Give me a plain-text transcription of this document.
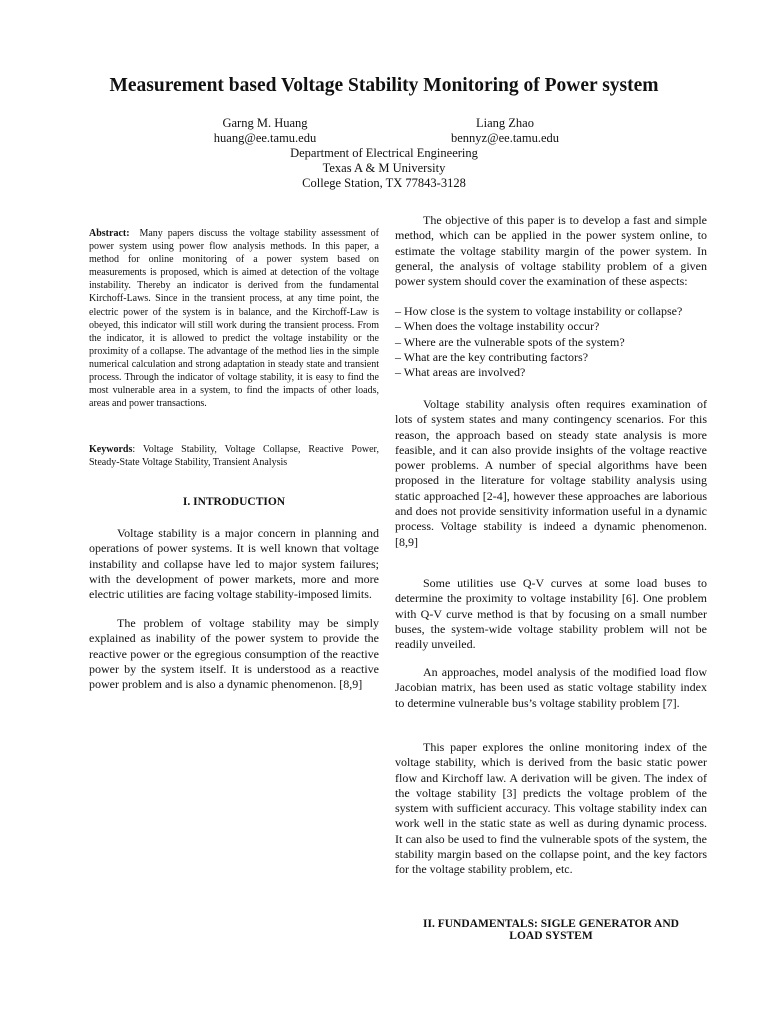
Measurement based Voltage Stability Monitoring of Power system
Garng M. Huang
huang@ee.tamu.edu
Liang Zhao
bennyz@ee.tamu.edu
Department of Electrical Engineering
Texas A & M University
College Station, TX 77843-3128

Abstract: Many papers discuss the voltage stability assessment of power system using power flow analysis methods. In this paper, a method for online monitoring of a power system based on measurements is proposed, which is aimed at detection of the voltage instability. Thereby an indicator is derived from the fundamental Kirchoff-Laws. Since in the transient process, at any time point, the electric power of the system is in balance, and the Kirchoff-Law is obeyed, this indicator will still work during the transient process. From the indicator, it is allowed to predict the voltage instability or the proximity of a collapse. The advantage of the method lies in the simple numerical calculation and strong adaptation in steady state and transient process. Through the indicator of voltage stability, it is easy to find the most vulnerable area in a system, to find the impacts of other loads, areas and power transactions.

Keywords: Voltage Stability, Voltage Collapse, Reactive Power, Steady-State Voltage Stability, Transient Analysis

I. INTRODUCTION

Voltage stability is a major concern in planning and operations of power systems. It is well known that voltage instability and collapse have led to major system failures; with the development of power markets, more and more electric utilities are facing voltage stability-imposed limits.

The problem of voltage stability may be simply explained as inability of the power system to provide the reactive power or the egregious consumption of the reactive power by the system itself. It is understood as a reactive power problem and is also a dynamic phenomenon. [8,9]

The objective of this paper is to develop a fast and simple method, which can be applied in the power system online, to estimate the voltage stability margin of the power system. In general, the analysis of voltage stability problem of a given power system should cover the examination of these aspects:

– How close is the system to voltage instability or collapse?
– When does the voltage instability occur?
– Where are the vulnerable spots of the system?
– What are the key contributing factors?
– What areas are involved?

Voltage stability analysis often requires examination of lots of system states and many contingency scenarios. For this reason, the approach based on steady state analysis is more feasible, and it can also provide insights of the voltage reactive power problems. A number of special algorithms have been proposed in the literature for voltage stability analysis using static approached [2-4], however these approaches are laborious and does not provide sensitivity information useful in a dynamic process. Voltage stability is indeed a dynamic phenomenon. [8,9]

Some utilities use Q-V curves at some load buses to determine the proximity to voltage instability [6]. One problem with Q-V curve method is that by focusing on a small number buses, the system-wide voltage stability problem will not be readily unveiled.

An approaches, model analysis of the modified load flow Jacobian matrix, has been used as static voltage stability index to determine vulnerable bus’s voltage stability problem [7].

This paper explores the online monitoring index of the voltage stability, which is derived from the basic static power flow and Kirchoff law. A derivation will be given. The index of the voltage stability [3] predicts the voltage problem of the system with sufficient accuracy. This voltage stability index can work well in the static state as well as during dynamic process. It can also be used to find the vulnerable spots of the system, the stability margin based on the collapse point, and the key factors for the voltage stability problem, etc.

II. FUNDAMENTALS: SIGLE GENERATOR AND
LOAD SYSTEM
